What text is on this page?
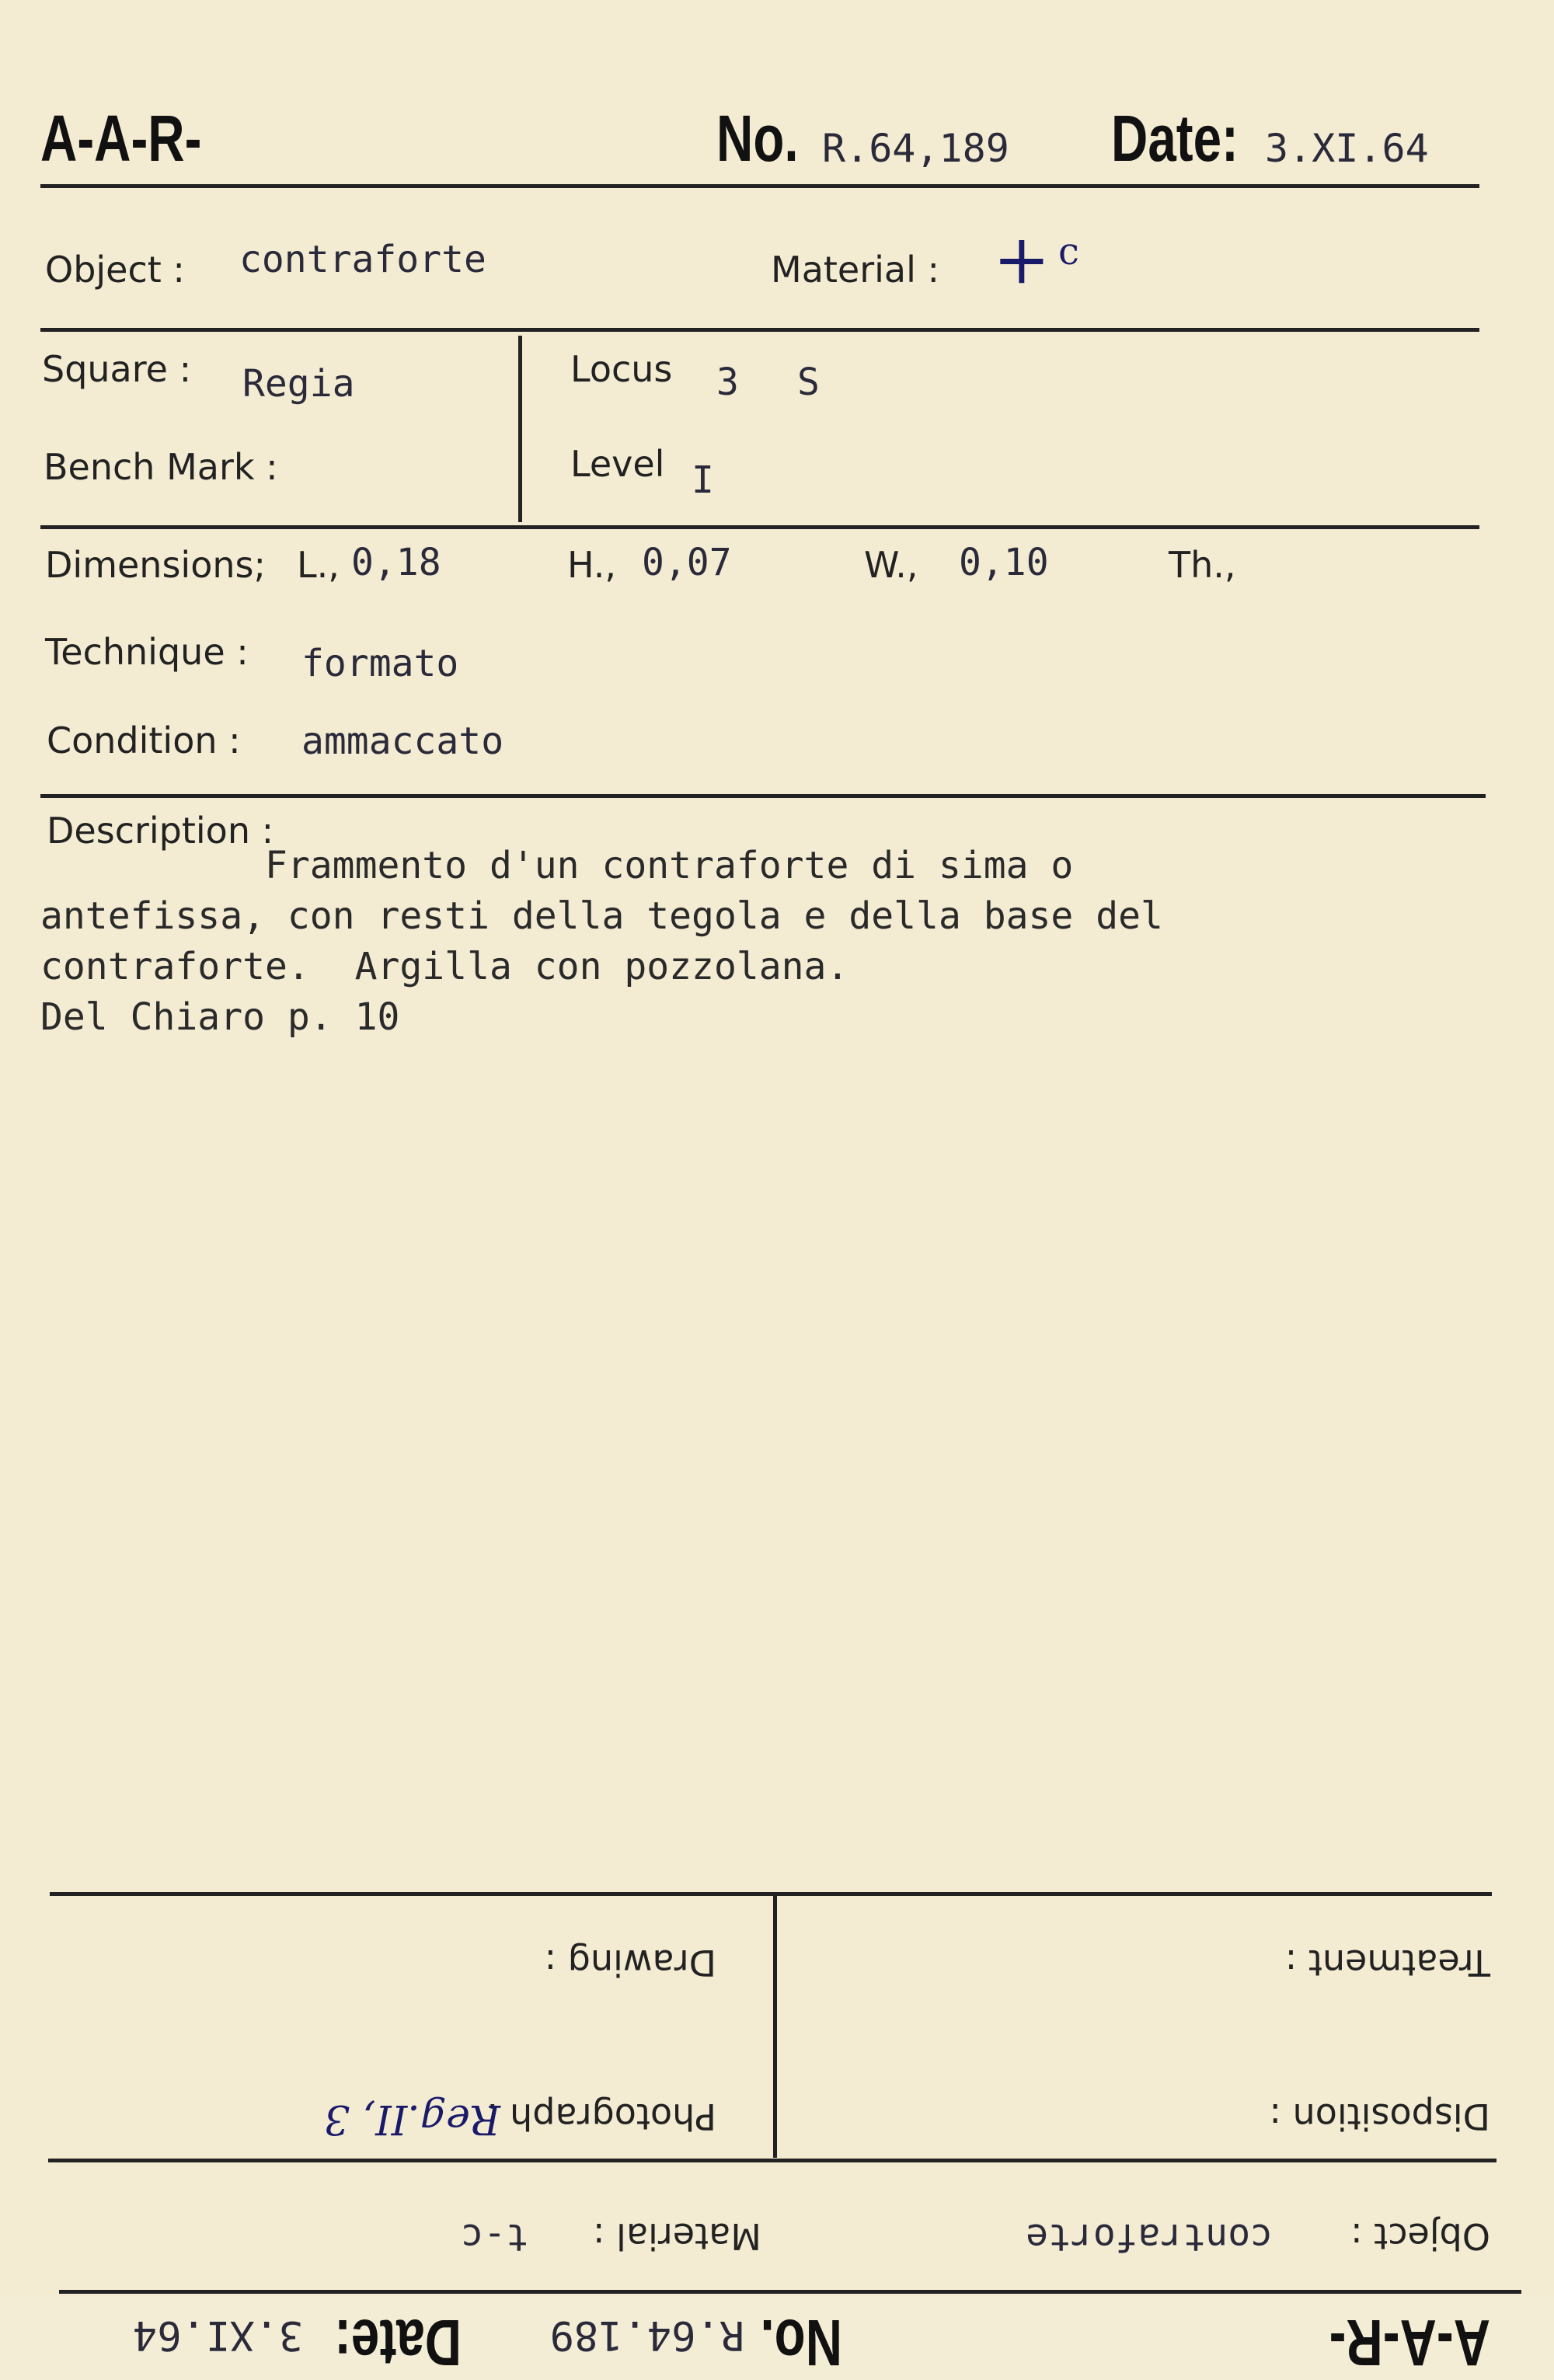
A-A-R-	No. R.64,189 Date: 3.XI.64
Object : contraforte	Material : + c
Square : Regia
Bench Mark :
Locus 3 S
Level I
Dimensions; L., 0,18	H., 0,07	W., 0,10	Th.,
Technique : formato
Condition : ammaccato
Description :
Frammento d'un contraforte di sima o
antefissa, con resti della tegola e della base del
contraforte.  Argilla con pozzolana.
Del Chiaro p. 10
A-A-R-
No.
R.64.189
Date:
3.XI.64
Object :
contraforte
Material :
t-c
Disposition :
Photograph :
Reg.II, 3
Treatment :
Drawing :
